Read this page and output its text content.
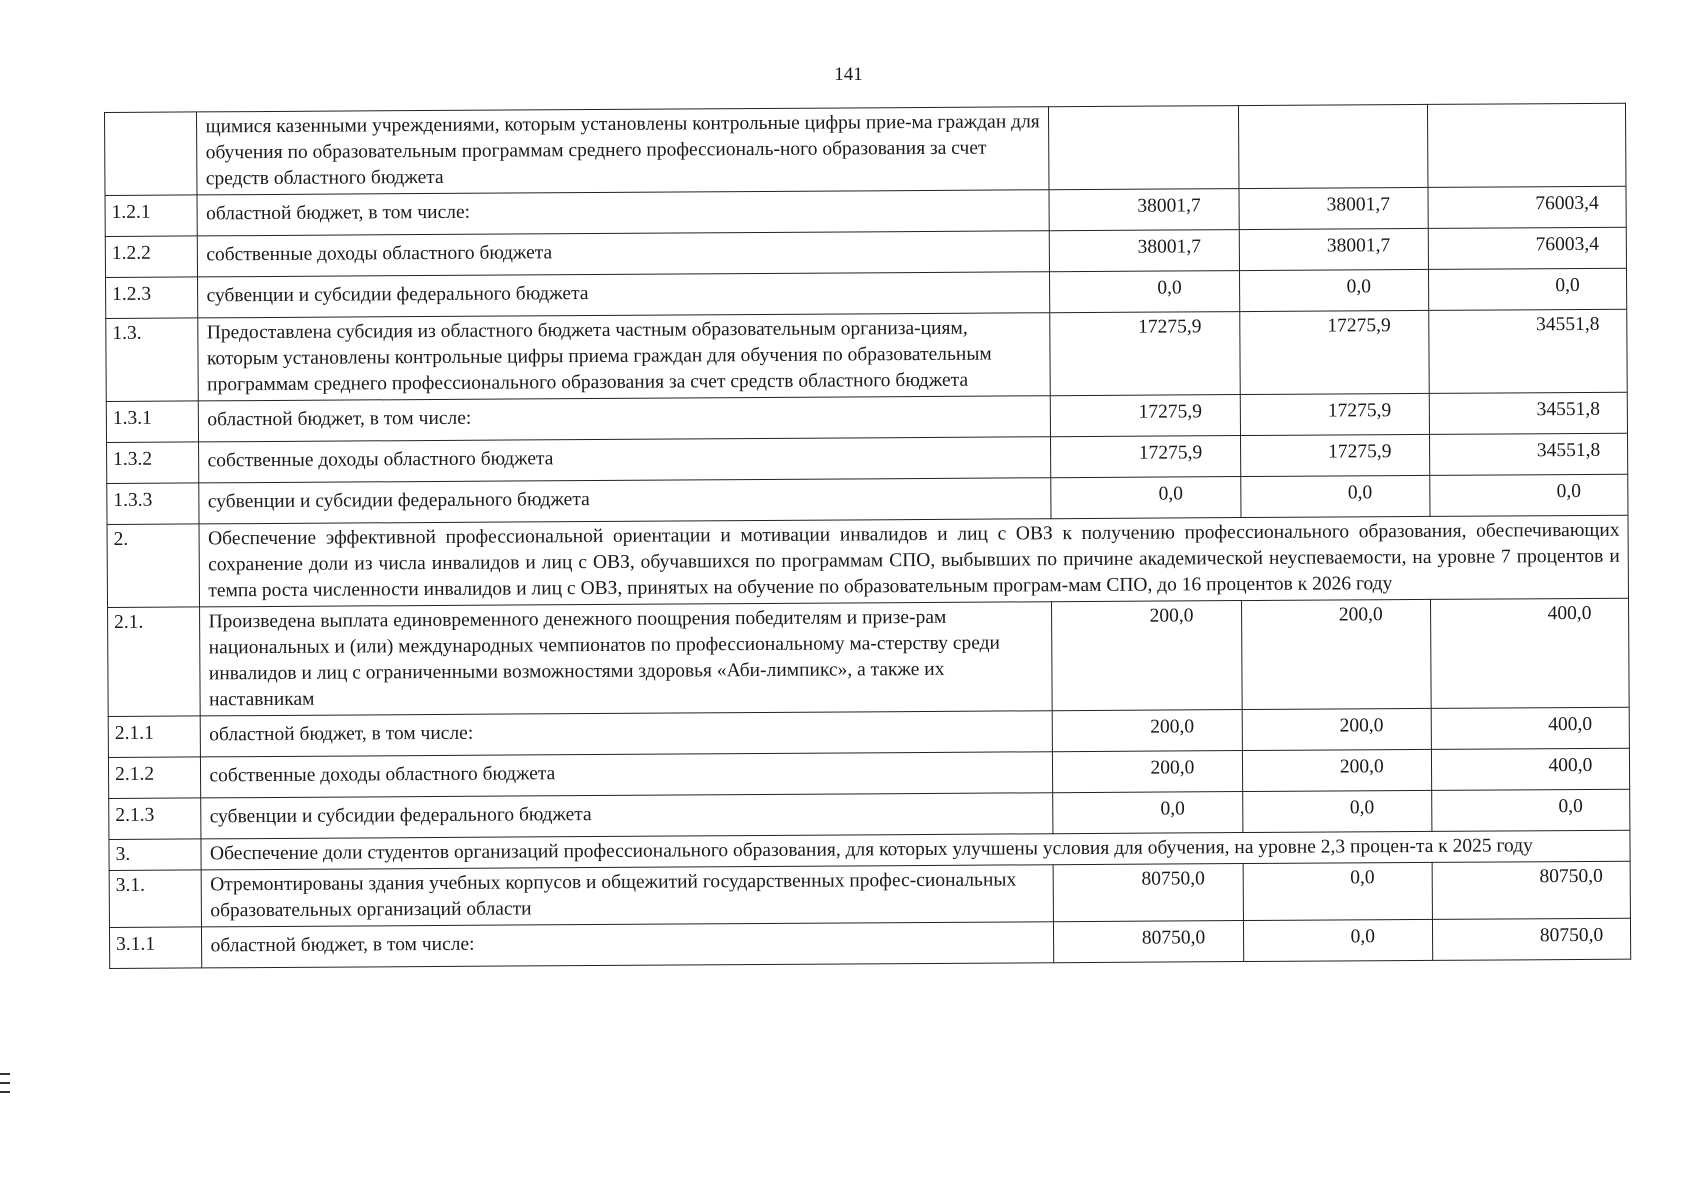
141
	щимися казенными учреждениями, которым установлены контрольные цифры прие-ма граждан для обучения по образовательным программам среднего профессиональ-ного образования за счет средств областного бюджета			
1.2.1	областной бюджет, в том числе:	38001,7	38001,7	76003,4
1.2.2	собственные доходы областного бюджета	38001,7	38001,7	76003,4
1.2.3	субвенции и субсидии федерального бюджета	0,0	0,0	0,0
1.3.	Предоставлена субсидия из областного бюджета частным образовательным организа-циям, которым установлены контрольные цифры приема граждан для обучения по образовательным программам среднего профессионального образования за счет средств областного бюджета	17275,9	17275,9	34551,8
1.3.1	областной бюджет, в том числе:	17275,9	17275,9	34551,8
1.3.2	собственные доходы областного бюджета	17275,9	17275,9	34551,8
1.3.3	субвенции и субсидии федерального бюджета	0,0	0,0	0,0
2.	Обеспечение эффективной профессиональной ориентации и мотивации инвалидов и лиц с ОВЗ к получению профессионального образования, обеспечивающих сохранение доли из числа инвалидов и лиц с ОВЗ, обучавшихся по программам СПО, выбывших по причине академической неуспеваемости, на уровне 7 процентов и темпа роста численности инвалидов и лиц с ОВЗ, принятых на обучение по образовательным програм-мам СПО, до 16 процентов к 2026 году			
2.1.	Произведена выплата единовременного денежного поощрения победителям и призе-рам национальных и (или) международных чемпионатов по профессиональному ма-стерству среди инвалидов и лиц с ограниченными возможностями здоровья «Аби-лимпикс», а также их наставникам	200,0	200,0	400,0
2.1.1	областной бюджет, в том числе:	200,0	200,0	400,0
2.1.2	собственные доходы областного бюджета	200,0	200,0	400,0
2.1.3	субвенции и субсидии федерального бюджета	0,0	0,0	0,0
3.	Обеспечение доли студентов организаций профессионального образования, для которых улучшены условия для обучения, на уровне 2,3 процен-та к 2025 году			
3.1.	Отремонтированы здания учебных корпусов и общежитий государственных профес-сиональных образовательных организаций области	80750,0	0,0	80750,0
3.1.1	областной бюджет, в том числе:	80750,0	0,0	80750,0
